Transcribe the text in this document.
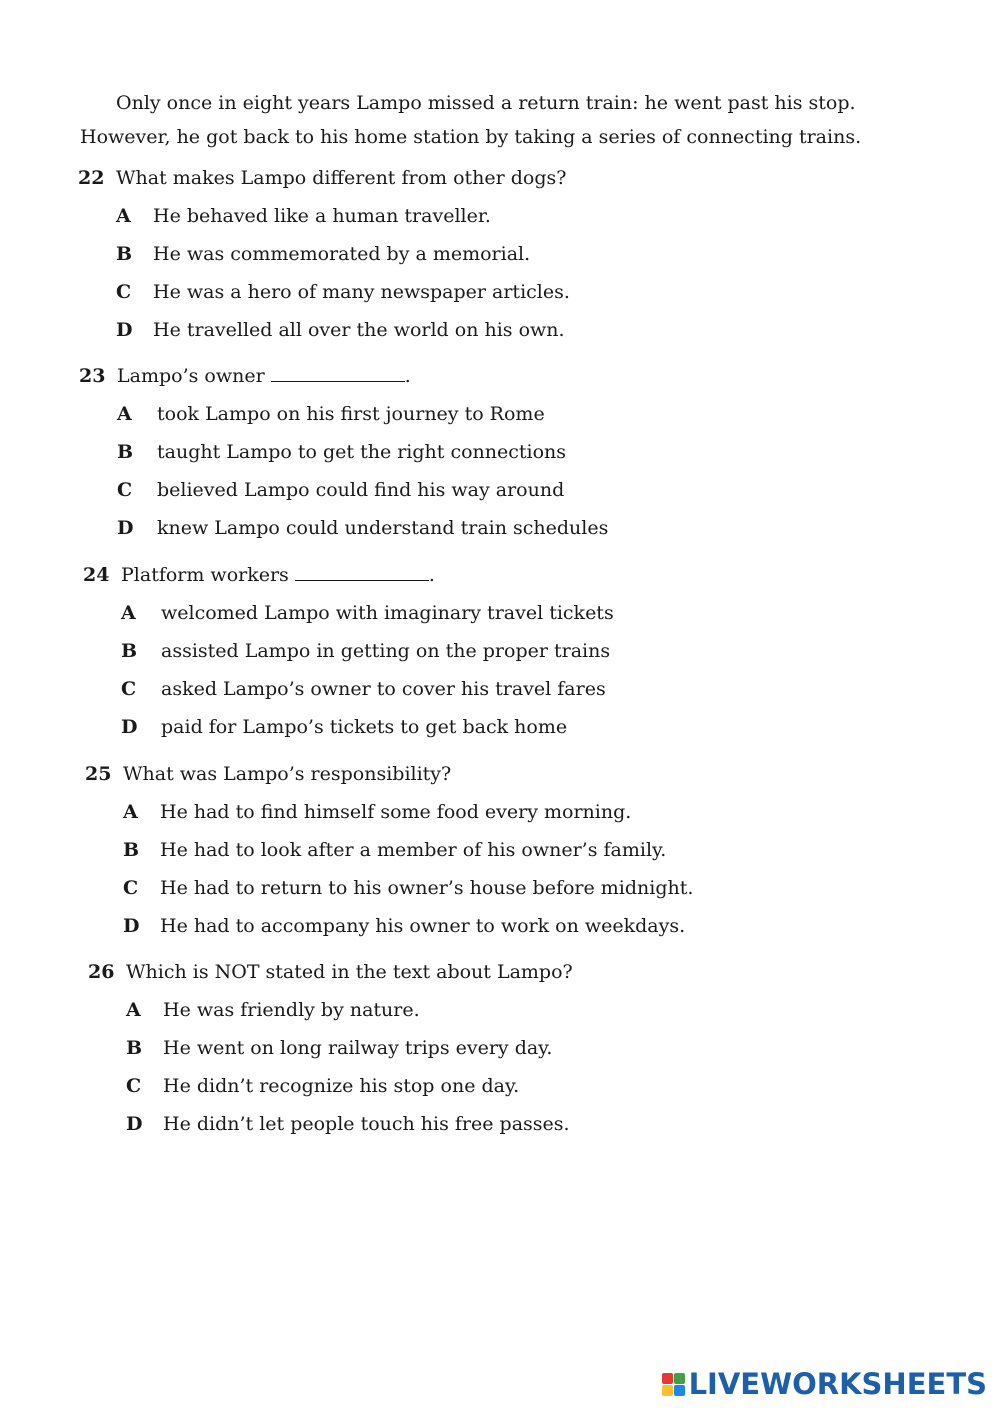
Only once in eight years Lampo missed a return train: he went past his stop. However, he got back to his home station by taking a series of connecting trains.

22 What makes Lampo different from other dogs?
A He behaved like a human traveller.
B He was commemorated by a memorial.
C He was a hero of many newspaper articles.
D He travelled all over the world on his own.
23 Lampo’s owner	.
A took Lampo on his first journey to Rome
B taught Lampo to get the right connections
C believed Lampo could find his way around
D knew Lampo could understand train schedules
24 Platform workers	.
A welcomed Lampo with imaginary travel tickets
B assisted Lampo in getting on the proper trains
C asked Lampo’s owner to cover his travel fares
D paid for Lampo’s tickets to get back home
25 What was Lampo’s responsibility?
A He had to find himself some food every morning.
B He had to look after a member of his owner’s family.
C He had to return to his owner’s house before midnight.
D He had to accompany his owner to work on weekdays.
26 Which is NOT stated in the text about Lampo?
A He was friendly by nature.
B He went on long railway trips every day.
C He didn’t recognize his stop one day.
D He didn’t let people touch his free passes.
LIVEWORKSHEETS
